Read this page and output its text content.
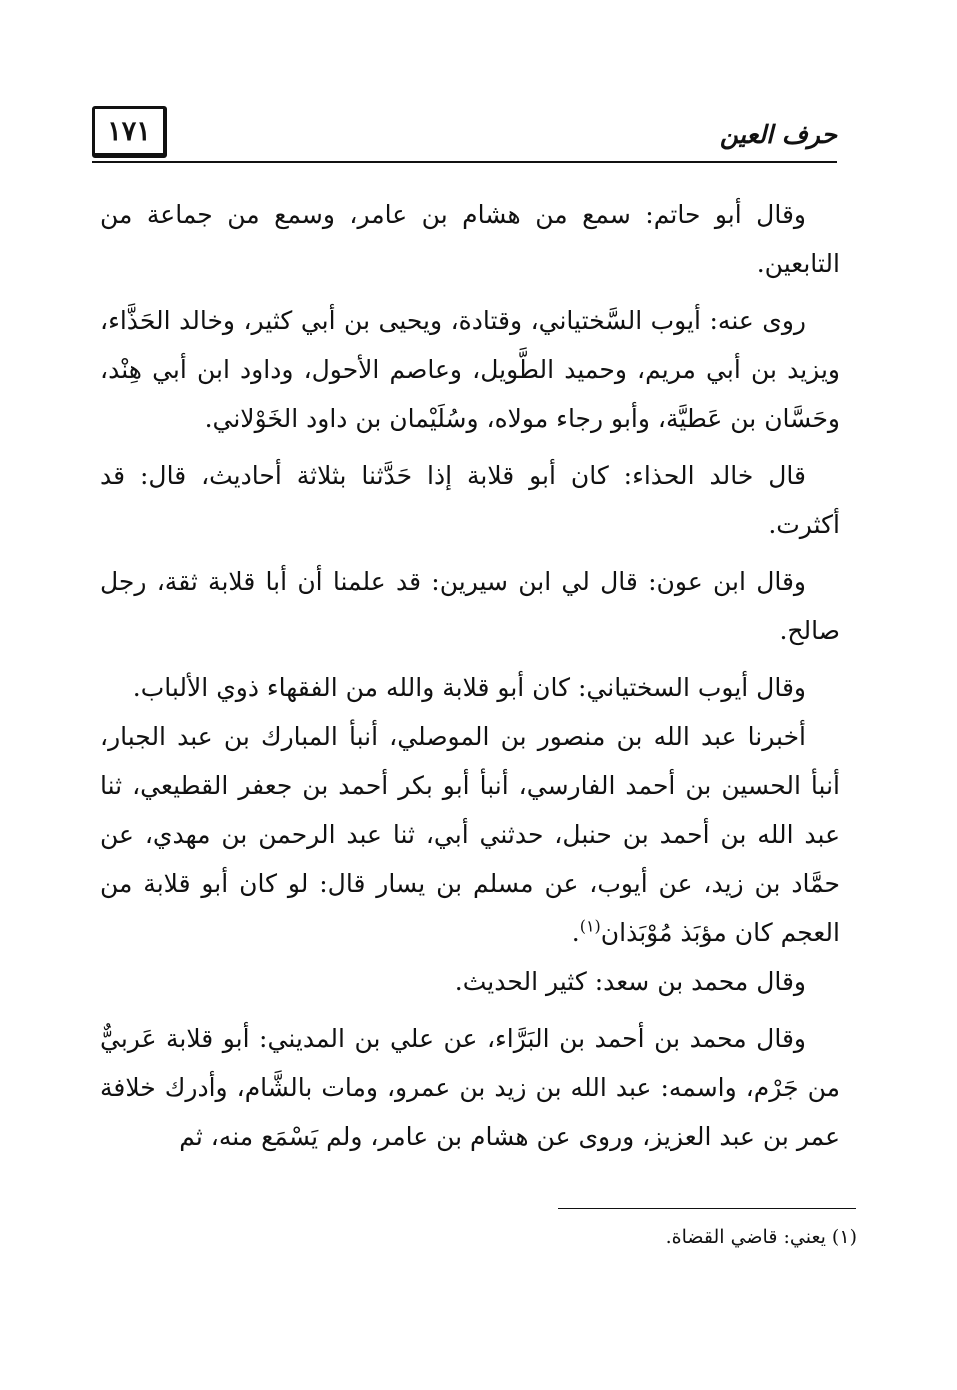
١٧١	حرف العين

وقال أبو حاتم: سمع من هشام بن عامر، وسمع من جماعة من التابعين.

روى عنه: أيوب السَّختياني، وقتادة، ويحيى بن أبي كثير، وخالد الحَذَّاء، ويزيد بن أبي مريم، وحميد الطَّويل، وعاصم الأحول، وداود ابن أبي هِنْد، وحَسَّان بن عَطيَّة، وأبو رجاء مولاه، وسُلَيْمان بن داود الخَوْلاني.

قال خالد الحذاء: كان أبو قلابة إذا حَدَّثنا بثلاثة أحاديث، قال: قد أكثرت.

وقال ابن عون: قال لي ابن سيرين: قد علمنا أن أبا قلابة ثقة، رجل صالح.

وقال أيوب السختياني: كان أبو قلابة والله من الفقهاء ذوي الألباب.

أخبرنا عبد الله بن منصور بن الموصلي، أنبأ المبارك بن عبد الجبار، أنبأ الحسين بن أحمد الفارسي، أنبأ أبو بكر أحمد بن جعفر القطيعي، ثنا عبد الله بن أحمد بن حنبل، حدثني أبي، ثنا عبد الرحمن بن مهدي، عن حمَّاد بن زيد، عن أيوب، عن مسلم بن يسار قال: لو كان أبو قلابة من العجم كان مؤبَذ مُوْبَذان$^{(١)}$.

وقال محمد بن سعد: كثير الحديث.

وقال محمد بن أحمد بن البَرَّاء، عن علي بن المديني: أبو قلابة عَربيٌّ من جَرْم، واسمه: عبد الله بن زيد بن عمرو، ومات بالشَّام، وأدرك خلافة عمر بن عبد العزيز، وروى عن هشام بن عامر، ولم يَسْمَع منه، ثم

(١) يعني: قاضي القضاة.
